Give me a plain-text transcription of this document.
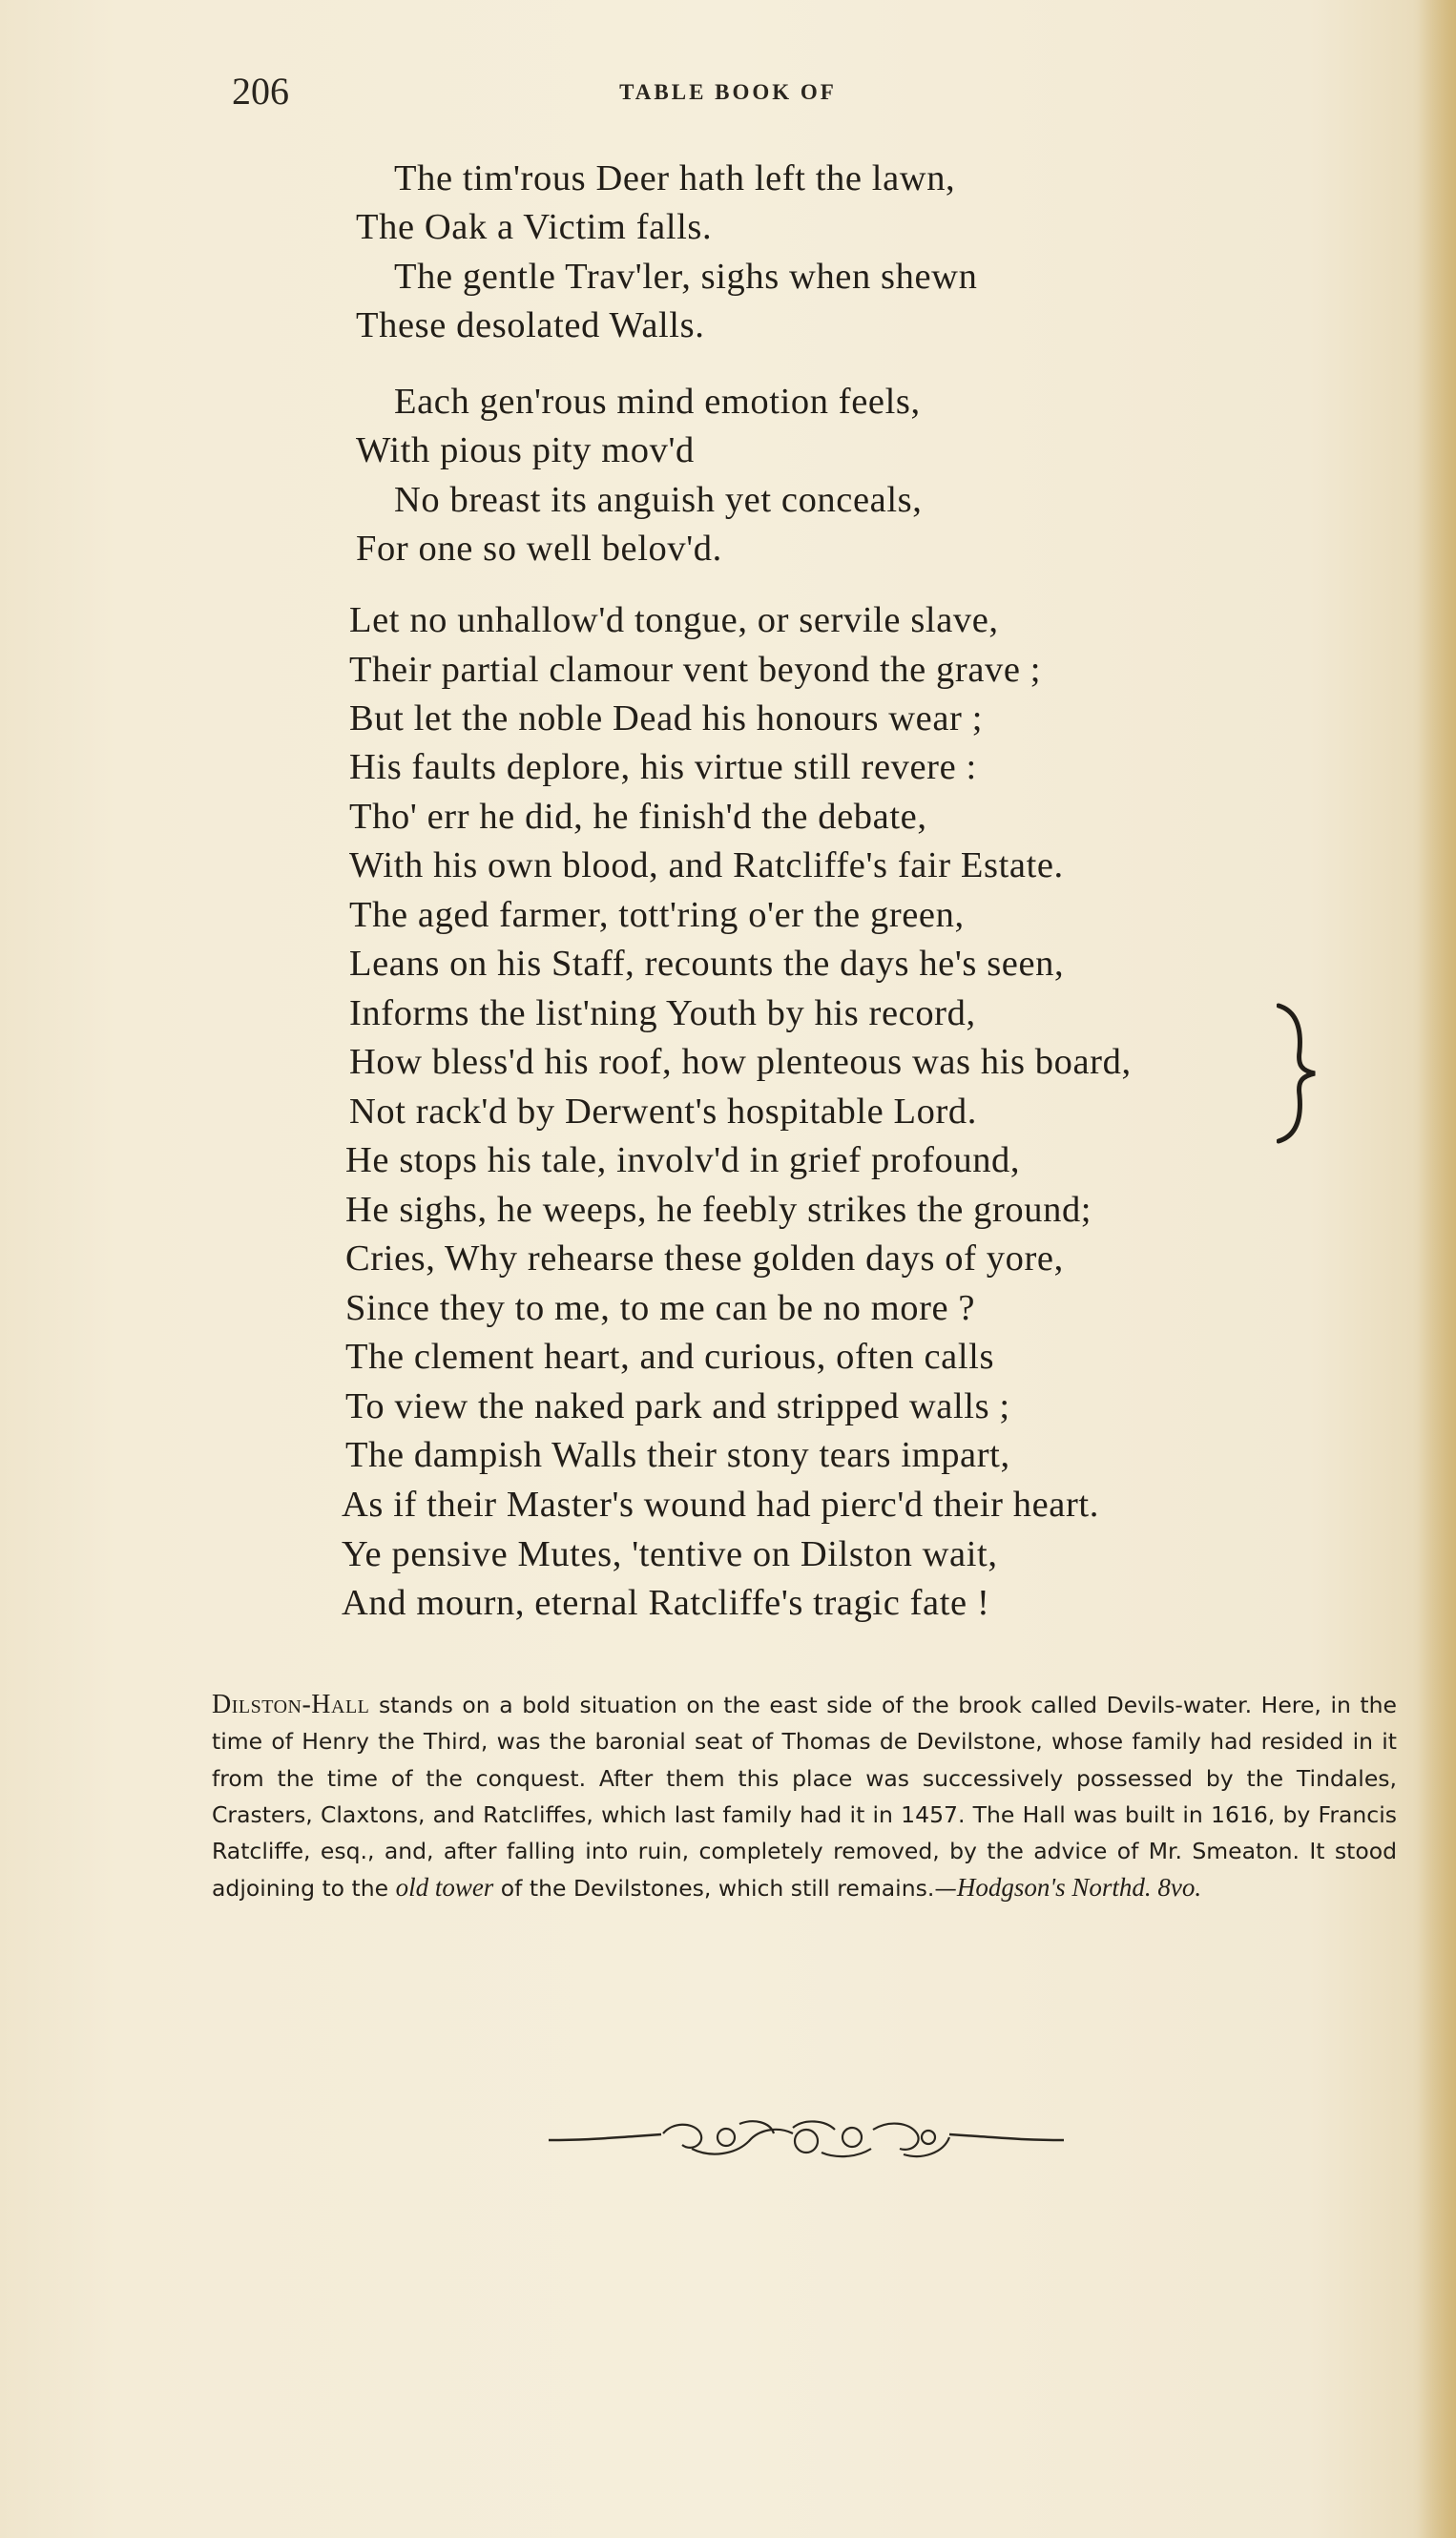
206	TABLE BOOK OF
The tim'rous Deer hath left the lawn,
The Oak a Victim falls.
The gentle Trav'ler, sighs when shewn
These desolated Walls.
Each gen'rous mind emotion feels,
With pious pity mov'd
No breast its anguish yet conceals,
For one so well belov'd.
Let no unhallow'd tongue, or servile slave,
Their partial clamour vent beyond the grave ;
But let the noble Dead his honours wear ;
His faults deplore, his virtue still revere :
Tho' err he did, he finish'd the debate,
With his own blood, and Ratcliffe's fair Estate.
The aged farmer, tott'ring o'er the green,
Leans on his Staff, recounts the days he's seen,
Informs the list'ning Youth by his record,
How bless'd his roof, how plenteous was his board,
Not rack'd by Derwent's hospitable Lord.
He stops his tale, involv'd in grief profound,
He sighs, he weeps, he feebly strikes the ground;
Cries, Why rehearse these golden days of yore,
Since they to me, to me can be no more ?
The clement heart, and curious, often calls
To view the naked park and stripped walls ;
The dampish Walls their stony tears impart,
As if their Master's wound had pierc'd their heart.
Ye pensive Mutes, 'tentive on Dilston wait,
And mourn, eternal Ratcliffe's tragic fate !

Dilston-Hall stands on a bold situation on the east side of the brook called Devils-water. Here, in the time of Henry the Third, was the baronial seat of Thomas de Devilstone, whose family had resided in it from the time of the conquest. After them this place was successively possessed by the Tindales, Crasters, Claxtons, and Ratcliffes, which last family had it in 1457. The Hall was built in 1616, by Francis Ratcliffe, esq., and, after falling into ruin, completely removed, by the advice of Mr. Smeaton. It stood adjoining to the old tower of the Devilstones, which still remains.—Hodgson's Northd. 8vo.
